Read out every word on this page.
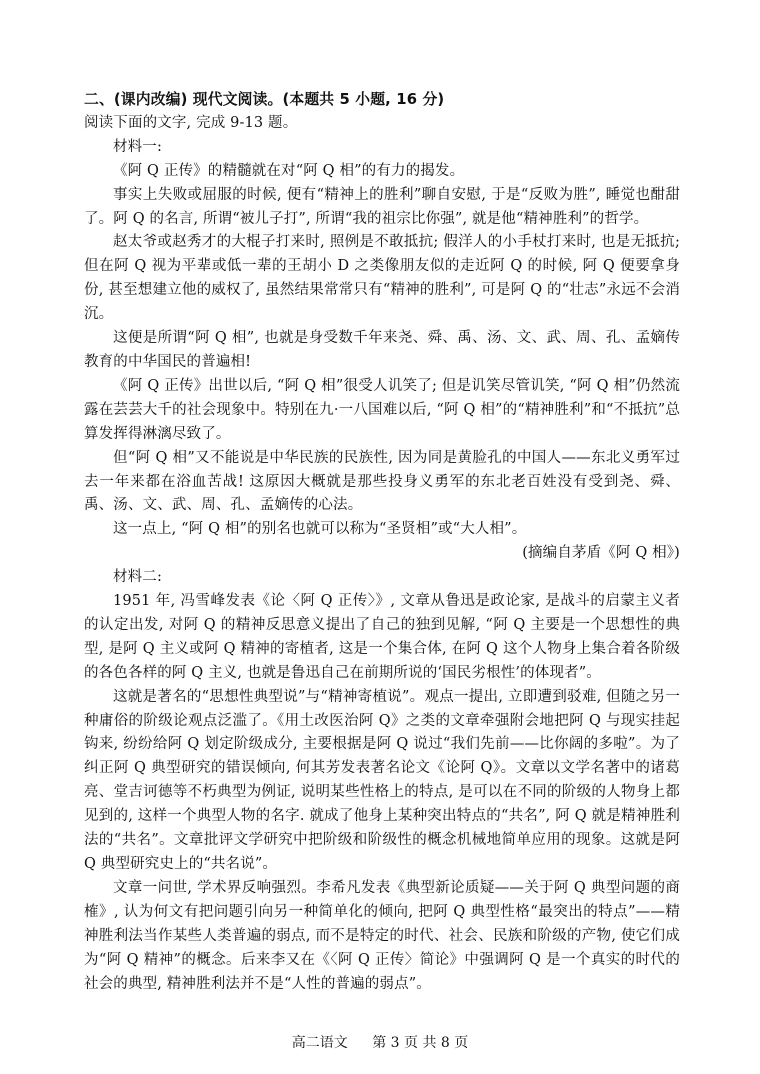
二、(课内改编) 现代文阅读。(本题共 5 小题, 16 分)

阅读下面的文字, 完成 9-13 题。

材料一:

《阿 Q 正传》的精髓就在对“阿 Q 相”的有力的揭发。

事实上失败或屈服的时候, 便有“精神上的胜利”聊自安慰, 于是“反败为胜”, 睡觉也酣甜了。阿 Q 的名言, 所谓“被儿子打”, 所谓“我的祖宗比你强”, 就是他“精神胜利”的哲学。

赵太爷或赵秀才的大棍子打来时, 照例是不敢抵抗; 假洋人的小手杖打来时, 也是无抵抗; 但在阿 Q 视为平辈或低一辈的王胡小 D 之类像朋友似的走近阿 Q 的时候, 阿 Q 便要拿身份, 甚至想建立他的威权了, 虽然结果常常只有“精神的胜利”, 可是阿 Q 的“壮志”永远不会消沉。

这便是所谓“阿 Q 相”, 也就是身受数千年来尧、舜、禹、汤、文、武、周、孔、孟嫡传教育的中华国民的普遍相!

《阿 Q 正传》出世以后, “阿 Q 相”很受人讥笑了; 但是讥笑尽管讥笑, “阿 Q 相”仍然流露在芸芸大千的社会现象中。特别在九·一八国难以后, “阿 Q 相”的“精神胜利”和“不抵抗”总算发挥得淋漓尽致了。

但“阿 Q 相”又不能说是中华民族的民族性, 因为同是黄脸孔的中国人——东北义勇军过去一年来都在浴血苦战! 这原因大概就是那些投身义勇军的东北老百姓没有受到尧、舜、禹、汤、文、武、周、孔、孟嫡传的心法。

这一点上, “阿 Q 相”的别名也就可以称为“圣贤相”或“大人相”。

(摘编自茅盾《阿 Q 相》)

材料二:

1951 年, 冯雪峰发表《论〈阿 Q 正传〉》, 文章从鲁迅是政论家, 是战斗的启蒙主义者的认定出发, 对阿 Q 的精神反思意义提出了自己的独到见解, “阿 Q 主要是一个思想性的典型, 是阿 Q 主义或阿 Q 精神的寄植者, 这是一个集合体, 在阿 Q 这个人物身上集合着各阶级的各色各样的阿 Q 主义, 也就是鲁迅自己在前期所说的‘国民劣根性’的体现者”。

这就是著名的“思想性典型说”与“精神寄植说”。观点一提出, 立即遭到驳难, 但随之另一种庸俗的阶级论观点泛滥了。《用土改医治阿 Q》之类的文章牵强附会地把阿 Q 与现实挂起钩来, 纷纷给阿 Q 划定阶级成分, 主要根据是阿 Q 说过“我们先前——比你阔的多啦”。为了纠正阿 Q 典型研究的错误倾向, 何其芳发表著名论文《论阿 Q》。文章以文学名著中的诸葛亮、堂吉诃德等不朽典型为例证, 说明某些性格上的特点, 是可以在不同的阶级的人物身上都见到的, 这样一个典型人物的名字. 就成了他身上某种突出特点的“共名”, 阿 Q 就是精神胜利法的“共名”。文章批评文学研究中把阶级和阶级性的概念机械地简单应用的现象。这就是阿 Q 典型研究史上的“共名说”。

文章一问世, 学术界反响强烈。李希凡发表《典型新论质疑——关于阿 Q 典型问题的商榷》, 认为何文有把问题引向另一种简单化的倾向, 把阿 Q 典型性格“最突出的特点”——精神胜利法当作某些人类普遍的弱点, 而不是特定的时代、社会、民族和阶级的产物, 使它们成为“阿 Q 精神”的概念。后来李又在《〈阿 Q 正传〉简论》中强调阿 Q 是一个真实的时代的社会的典型, 精神胜利法并不是“人性的普遍的弱点”。

高二语文 第 3 页 共 8 页
